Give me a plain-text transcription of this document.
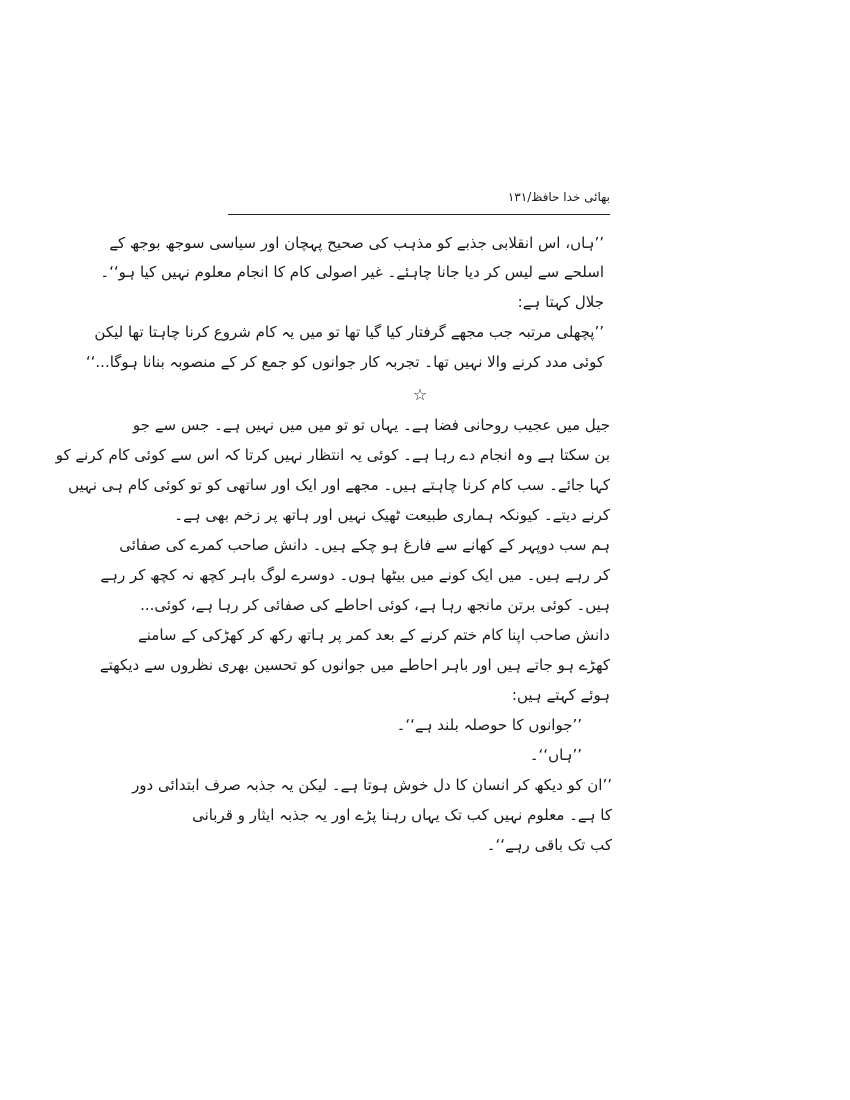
بھائی خدا حافظ/۱۳۱
’’ہاں، اس انقلابی جذبے کو مذہب کی صحیح پہچان اور سیاسی سوجھ بوجھ کے
اسلحے سے لیس کر دیا جانا چاہئے۔ غیر اصولی کام کا انجام معلوم نہیں کیا ہو‘‘۔
جلال کہتا ہے:
’’پچھلی مرتبہ جب مجھے گرفتار کیا گیا تھا تو میں یہ کام شروع کرنا چاہتا تھا لیکن
کوئی مدد کرنے والا نہیں تھا۔ تجربہ کار جوانوں کو جمع کر کے منصوبہ بنانا ہوگا...‘‘
☆
جیل میں عجیب روحانی فضا ہے۔ یہاں تو تو میں میں نہیں ہے۔ جس سے جو
بن سکتا ہے وہ انجام دے رہا ہے۔ کوئی یہ انتظار نہیں کرتا کہ اس سے کوئی کام کرنے کو
کہا جائے۔ سب کام کرنا چاہتے ہیں۔ مجھے اور ایک اور ساتھی کو تو کوئی کام ہی نہیں
کرنے دیتے۔ کیونکہ ہماری طبیعت ٹھیک نہیں اور ہاتھ پر زخم بھی ہے۔
ہم سب دوپہر کے کھانے سے فارغ ہو چکے ہیں۔ دانش صاحب کمرے کی صفائی
کر رہے ہیں۔ میں ایک کونے میں بیٹھا ہوں۔ دوسرے لوگ باہر کچھ نہ کچھ کر رہے
ہیں۔ کوئی برتن مانجھ رہا ہے، کوئی احاطے کی صفائی کر رہا ہے، کوئی...
دانش صاحب اپنا کام ختم کرنے کے بعد کمر پر ہاتھ رکھ کر کھڑکی کے سامنے
کھڑے ہو جاتے ہیں اور باہر احاطے میں جوانوں کو تحسین بھری نظروں سے دیکھتے
ہوئے کہتے ہیں:
’’جوانوں کا حوصلہ بلند ہے‘‘۔
’’ہاں‘‘۔
’’ان کو دیکھ کر انسان کا دل خوش ہوتا ہے۔ لیکن یہ جذبہ صرف ابتدائی دور
کا ہے۔ معلوم نہیں کب تک یہاں رہنا پڑے اور یہ جذبہ ایثار و قربانی
کب تک باقی رہے‘‘۔
